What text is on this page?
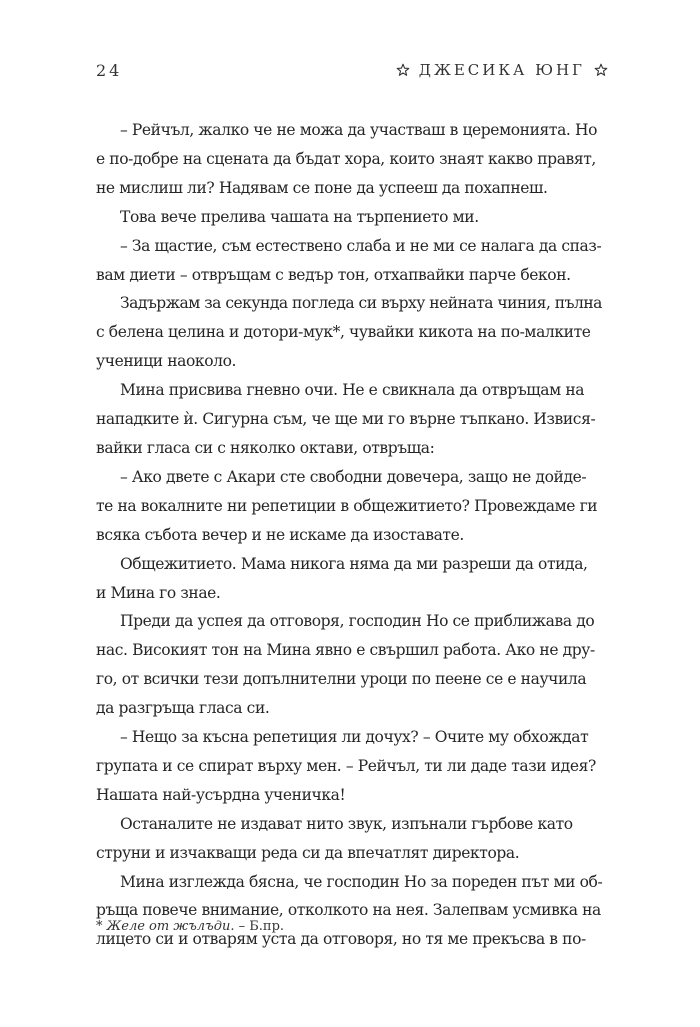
24	ДЖЕСИКА ЮНГ

– Рейчъл, жалко че не можа да участваш в церемонията. Но
е по-добре на сцената да бъдат хора, които знаят какво правят,
не мислиш ли? Надявам се поне да успееш да похапнеш.

Това вече прелива чашата на търпението ми.

– За щастие, съм естествено слаба и не ми се налага да спаз-
вам диети – отвръщам с ведър тон, отхапвайки парче бекон.

Задържам за секунда погледа си върху нейната чиния, пълна
с белена целина и дотори-мук*, чувайки кикота на по-малките
ученици наоколо.

Мина присвива гневно очи. Не е свикнала да отвръщам на
нападките ѝ. Сигурна съм, че ще ми го върне тъпкано. Извися-
вайки гласа си с няколко октави, отвръща:

– Ако двете с Акари сте свободни довечера, защо не дойде-
те на вокалните ни репетиции в общежитието? Провеждаме ги
всяка събота вечер и не искаме да изоставате.

Общежитието. Мама никога няма да ми разреши да отида,
и Мина го знае.

Преди да успея да отговоря, господин Но се приближава до
нас. Високият тон на Мина явно е свършил работа. Ако не дру-
го, от всички тези допълнителни уроци по пеене се е научила
да разгръща гласа си.

– Нещо за късна репетиция ли дочух? – Очите му обхождат
групата и се спират върху мен. – Рейчъл, ти ли даде тази идея?
Нашата най-усърдна ученичка!

Останалите не издават нито звук, изпънали гърбове като
струни и изчакващи реда си да впечатлят директора.

Мина изглежда бясна, че господин Но за пореден път ми об-
ръща повече внимание, отколкото на нея. Залепвам усмивка на
лицето си и отварям уста да отговоря, но тя ме прекъсва в по-

* Желе от жълъди. – Б.пр.
